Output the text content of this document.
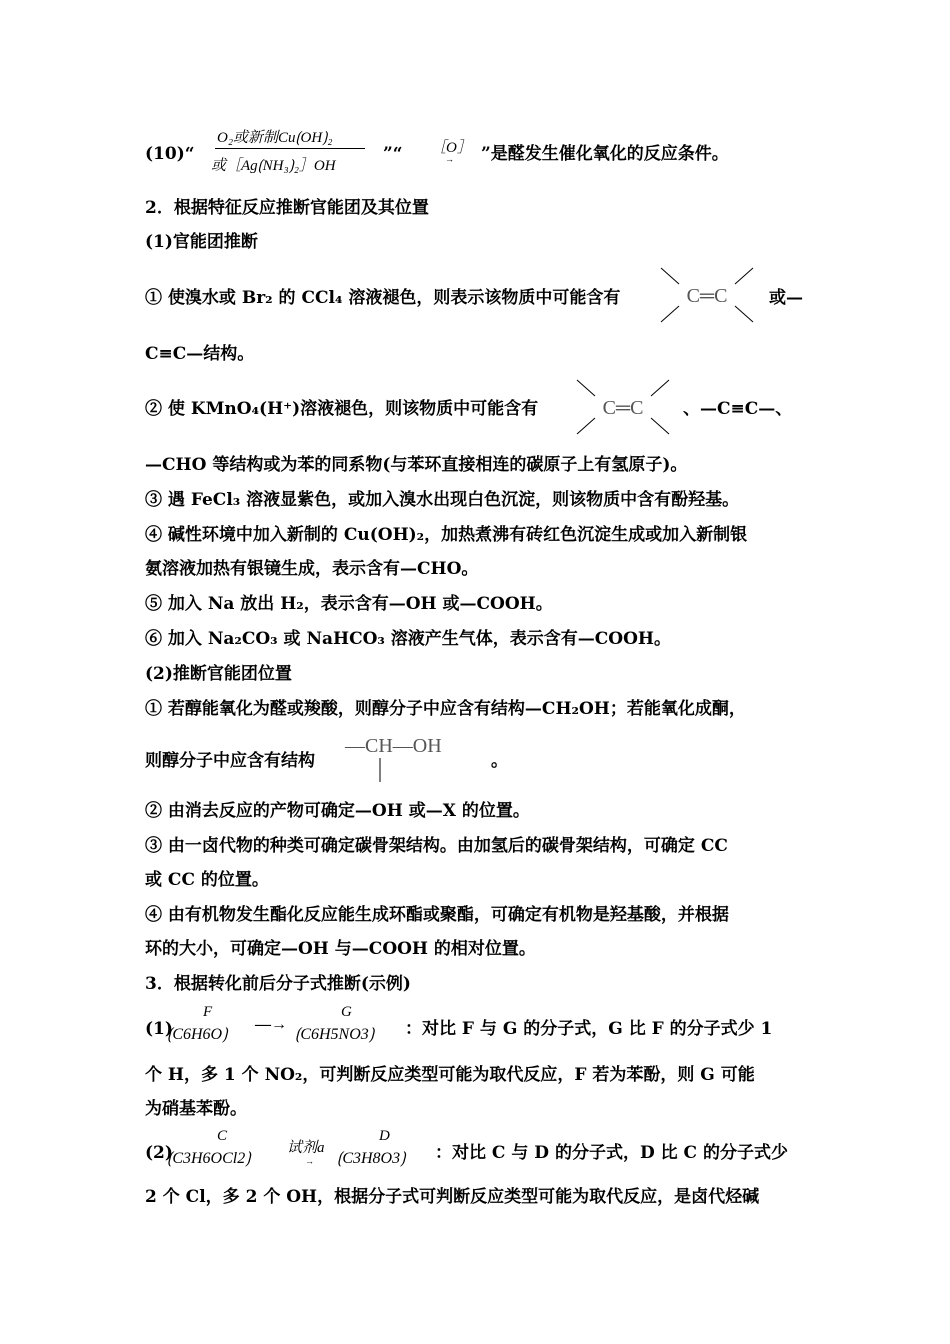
(10)“
O₂或新制Cu⟮OH⟯₂
或［Ag⟮NH₃⟯₂］OH
”“ ［O］
→ ”是醛发生催化氧化的反应条件。
2．根据特征反应推断官能团及其位置
(1)官能团推断
① 使溴水或 Br₂ 的 CCl₄ 溶液褪色，则表示该物质中可能含有	C═C 或—
C≡C—结构。
② 使 KMnO₄(H⁺)溶液褪色，则该物质中可能含有	C═C 、—C≡C—、
—CHO 等结构或为苯的同系物(与苯环直接相连的碳原子上有氢原子)。
③ 遇 FeCl₃ 溶液显紫色，或加入溴水出现白色沉淀，则该物质中含有酚羟基。
④ 碱性环境中加入新制的 Cu(OH)₂，加热煮沸有砖红色沉淀生成或加入新制银
氨溶液加热有银镜生成，表示含有—CHO。
⑤ 加入 Na 放出 H₂，表示含有—OH 或—COOH。
⑥ 加入 Na₂CO₃ 或 NaHCO₃ 溶液产生气体，表示含有—COOH。
(2)推断官能团位置
① 若醇能氧化为醛或羧酸，则醇分子中应含有结构—CH₂OH；若能氧化成酮，
则醇分子中应含有结构
—CH—OH
。
② 由消去反应的产物可确定—OH 或—X 的位置。
③ 由一卤代物的种类可确定碳骨架结构。由加氢后的碳骨架结构，可确定 CC
或 CC 的位置。
④ 由有机物发生酯化反应能生成环酯或聚酯，可确定有机物是羟基酸，并根据
环的大小，可确定—OH 与—COOH 的相对位置。
3．根据转化前后分子式推断(示例)
(1)
F
⟮C6H6O⟯
—→
G
⟮C6H5NO3⟯ ：对比 F 与 G 的分子式，G 比 F 的分子式少 1
个 H，多 1 个 NO₂，可判断反应类型可能为取代反应，F 若为苯酚，则 G 可能
为硝基苯酚。
(2)
C
⟮C3H6OCl2⟯
试剂a
→
D
⟮C3H8O3⟯ ：对比 C 与 D 的分子式，D 比 C 的分子式少
2 个 Cl，多 2 个 OH，根据分子式可判断反应类型可能为取代反应，是卤代烃碱
